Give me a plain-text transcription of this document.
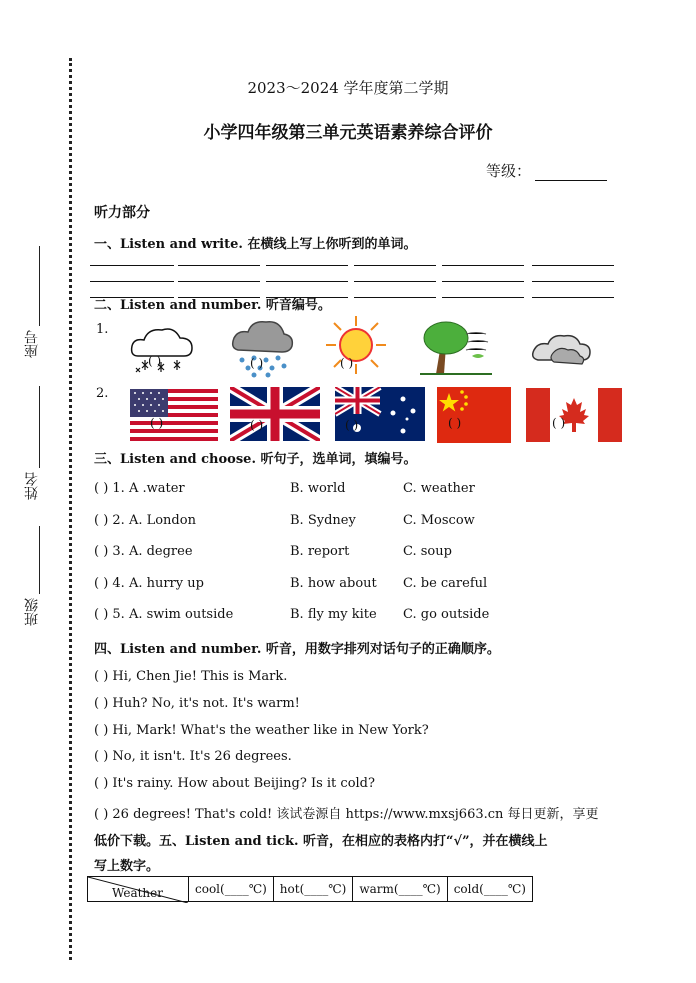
座号
姓名
班级
2023～2024 学年度第二学期
小学四年级第三单元英语素养综合评价
等级：
听力部分
一、Listen and write. 在横线上写上你听到的单词。
二、Listen and number. 听音编号。
1.
2.
( )	( )	( )
( )	( )	( )	( )	( )
三、Listen and choose. 听句子，选单词，填编号。
( ) 1. A .water	B. world	C. weather
( ) 2. A. London	B. Sydney	C. Moscow
( ) 3. A. degree	B. report	C. soup
( ) 4. A. hurry up	B. how about C. be careful
( ) 5. A. swim outside	B. fly my kite C. go outside
四、Listen and number. 听音，用数字排列对话句子的正确顺序。
( ) Hi, Chen Jie! This is Mark.
( ) Huh? No, it's not. It's warm!
( ) Hi, Mark! What's the weather like in New York?
( ) No, it isn't. It's 26 degrees.
( ) It's rainy. How about Beijing? Is it cold?
( ) 26 degrees! That's cold! 该试卷源自 https://www.mxsj663.cn 每日更新，享更
低价下载。五、Listen and tick. 听音，在相应的表格内打“√”，并在横线上
写上数字。
Weather	cool(____℃)	hot(____℃)	warm(____℃)	cold(____℃)
